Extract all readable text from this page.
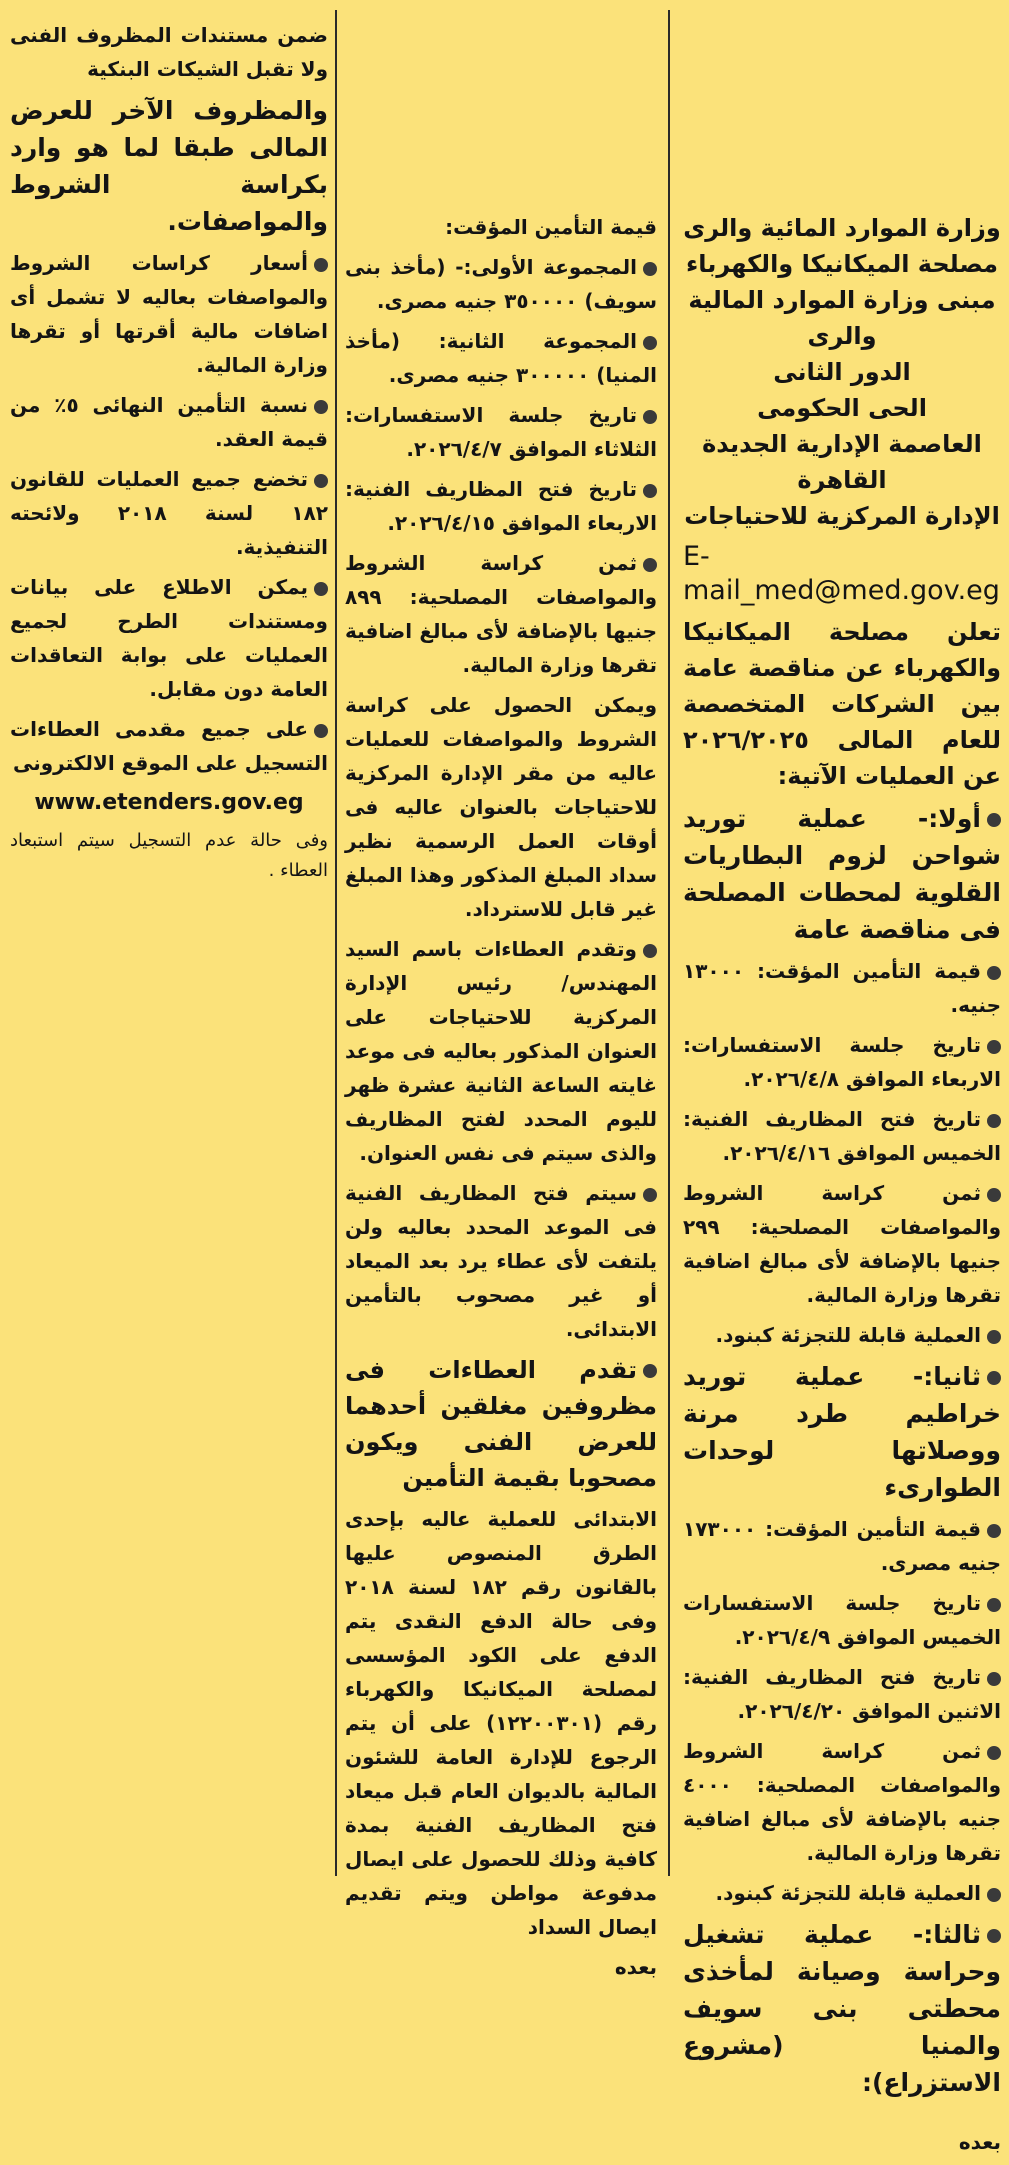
وزارة الموارد المائية والرى
مصلحة الميكانيكا والكهرباء
مبنى وزارة الموارد المالية والرى
الدور الثانى
الحى الحكومى
العاصمة الإدارية الجديدة
القاهرة
الإدارة المركزية للاحتياجات

E-mail_med@med.gov.eg

تعلن مصلحة الميكانيكا والكهرباء عن مناقصة عامة بين الشركات المتخصصة للعام المالى ٢٠٢٦/٢٠٢٥ عن العمليات الآتية:

أولا:- عملية توريد شواحن لزوم البطاريات القلوية لمحطات المصلحة فى مناقصة عامة

قيمة التأمين المؤقت: ١٣٠٠٠ جنيه.

تاريخ جلسة الاستفسارات: الاربعاء الموافق ٢٠٢٦/٤/٨.

تاريخ فتح المظاريف الفنية: الخميس الموافق ٢٠٢٦/٤/١٦.

ثمن كراسة الشروط والمواصفات المصلحية: ٢٩٩ جنيها بالإضافة لأى مبالغ اضافية تقرها وزارة المالية.

العملية قابلة للتجزئة كبنود.

ثانيا:- عملية توريد خراطيم طرد مرنة ووصلاتها لوحدات الطوارىء

قيمة التأمين المؤقت: ١٧٣٠٠٠ جنيه مصرى.

تاريخ جلسة الاستفسارات الخميس الموافق ٢٠٢٦/٤/٩.

تاريخ فتح المظاريف الفنية: الاثنين الموافق ٢٠٢٦/٤/٢٠.

ثمن كراسة الشروط والمواصفات المصلحية: ٤٠٠٠ جنيه بالإضافة لأى مبالغ اضافية تقرها وزارة المالية.

العملية قابلة للتجزئة كبنود.

ثالثا:- عملية تشغيل وحراسة وصيانة لمأخذى محطتى بنى سويف والمنيا (مشروع الاستزراع):

بعده

قيمة التأمين المؤقت:

المجموعة الأولى:- (مأخذ بنى سويف) ٣٥٠٠٠٠ جنيه مصرى.

المجموعة الثانية: (مأخذ المنيا) ٣٠٠٠٠٠ جنيه مصرى.

تاريخ جلسة الاستفسارات: الثلاثاء الموافق ٢٠٢٦/٤/٧.

تاريخ فتح المظاريف الفنية: الاربعاء الموافق ٢٠٢٦/٤/١٥.

ثمن كراسة الشروط والمواصفات المصلحية: ٨٩٩ جنيها بالإضافة لأى مبالغ اضافية تقرها وزارة المالية.

ويمكن الحصول على كراسة الشروط والمواصفات للعمليات عاليه من مقر الإدارة المركزية للاحتياجات بالعنوان عاليه فى أوقات العمل الرسمية نظير سداد المبلغ المذكور وهذا المبلغ غير قابل للاسترداد.

وتقدم العطاءات باسم السيد المهندس/ رئيس الإدارة المركزية للاحتياجات على العنوان المذكور بعاليه فى موعد غايته الساعة الثانية عشرة ظهر لليوم المحدد لفتح المظاريف والذى سيتم فى نفس العنوان.

سيتم فتح المظاريف الفنية فى الموعد المحدد بعاليه ولن يلتفت لأى عطاء يرد بعد الميعاد أو غير مصحوب بالتأمين الابتدائى.

تقدم العطاءات فى مظروفين مغلقين أحدهما للعرض الفنى ويكون مصحوبا بقيمة التأمين

الابتدائى للعملية عاليه بإحدى الطرق المنصوص عليها بالقانون رقم ١٨٢ لسنة ٢٠١٨ وفى حالة الدفع النقدى يتم الدفع على الكود المؤسسى لمصلحة الميكانيكا والكهرباء رقم (١٢٢٠٠٣٠١) على أن يتم الرجوع للإدارة العامة للشئون المالية بالديوان العام قبل ميعاد فتح المظاريف الفنية بمدة كافية وذلك للحصول على ايصال مدفوعة مواطن ويتم تقديم ايصال السداد

بعده

ضمن مستندات المظروف الفنى ولا تقبل الشيكات البنكية

والمظروف الآخر للعرض المالى طبقا لما هو وارد بكراسة الشروط والمواصفات.

أسعار كراسات الشروط والمواصفات بعاليه لا تشمل أى اضافات مالية أقرتها أو تقرها وزارة المالية.

نسبة التأمين النهائى ٥٪ من قيمة العقد.

تخضع جميع العمليات للقانون ١٨٢ لسنة ٢٠١٨ ولائحته التنفيذية.

يمكن الاطلاع على بيانات ومستندات الطرح لجميع العمليات على بوابة التعاقدات العامة دون مقابل.

على جميع مقدمى العطاءات التسجيل على الموقع الالكترونى

www.etenders.gov.eg

وفى حالة عدم التسجيل سيتم استبعاد العطاء .
